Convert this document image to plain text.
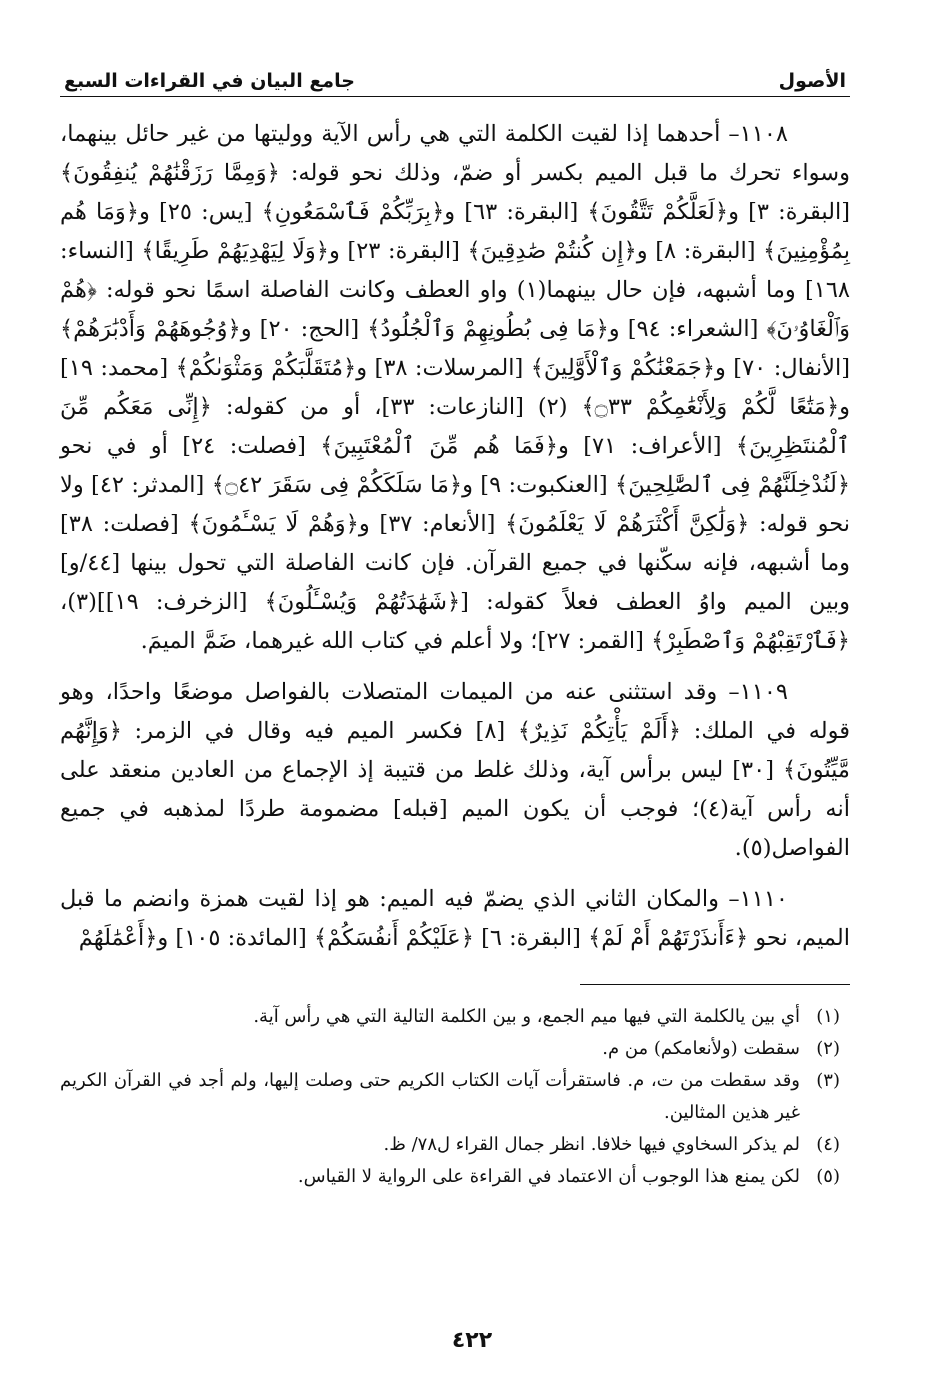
الأصول
جامع البيان في القراءات السبع

١١٠٨– أحدهما إذا لقيت الكلمة التي هي رأس الآية ووليتها من غير حائل بينهما، وسواء تحرك ما قبل الميم بكسر أو ضمّ، وذلك نحو قوله: ﴿وَمِمَّا رَزَقْنَٰهُمْ يُنفِقُونَ﴾ [البقرة: ٣] و﴿لَعَلَّكُمْ تَتَّقُونَ﴾ [البقرة: ٦٣] و﴿بِرَبِّكُمْ فَٱسْمَعُونِ﴾ [يس: ٢٥] و﴿وَمَا هُم بِمُؤْمِنِينَ﴾ [البقرة: ٨] و﴿إِن كُنتُمْ صَٰدِقِينَ﴾ [البقرة: ٢٣] و﴿وَلَا لِيَهْدِيَهُمْ طَرِيقًا﴾ [النساء: ١٦٨] وما أشبهه، فإن حال بينهما(١) واو العطف وكانت الفاصلة اسمًا نحو قوله: ﴿هُمْ وَٱلْغَاوُۥنَ﴾ [الشعراء: ٩٤] و﴿مَا فِى بُطُونِهِمْ وَٱلْجُلُودُ﴾ [الحج: ٢٠] و﴿وُجُوهَهُمْ وَأَدْبَٰرَهُمْ﴾ [الأنفال: ٧٠] و﴿جَمَعْنَٰكُمْ وَٱلْأَوَّلِينَ﴾ [المرسلات: ٣٨] و﴿مُتَقَلَّبَكُمْ وَمَثْوَىٰكُمْ﴾ [محمد: ١٩] و﴿مَتَٰعًا لَّكُمْ وَلِأَنْعَٰمِكُمْ ۝٣٣﴾ (٢) [النازعات: ٣٣]، أو من كقوله: ﴿إِنِّى مَعَكُم مِّنَ ٱلْمُنتَظِرِينَ﴾ [الأعراف: ٧١] و﴿فَمَا هُم مِّنَ ٱلْمُعْتَبِينَ﴾ [فصلت: ٢٤] أو في نحو ﴿لَنُدْخِلَنَّهُمْ فِى ٱلصَّٰلِحِينَ﴾ [العنكبوت: ٩] و﴿مَا سَلَكَكُمْ فِى سَقَرَ ۝٤٢﴾ [المدثر: ٤٢] ولا نحو قوله: ﴿وَلَٰكِنَّ أَكْثَرَهُمْ لَا يَعْلَمُونَ﴾ [الأنعام: ٣٧] و﴿وَهُمْ لَا يَسْـَٔمُونَ﴾ [فصلت: ٣٨] وما أشبهه، فإنه سكّنها في جميع القرآن. فإن كانت الفاصلة التي تحول بينها [٤٤/و] وبين الميم واوُ العطف فعلاً كقوله: [﴿شَهَٰدَتُهُمْ وَيُسْـَٔلُونَ﴾ [الزخرف: ١٩]](٣)، ﴿فَٱرْتَقِبْهُمْ وَٱصْطَبِرْ﴾ [القمر: ٢٧]؛ ولا أعلم في كتاب الله غيرهما، ضَمَّ الميمَ.

١١٠٩– وقد استثنى عنه من الميمات المتصلات بالفواصل موضعًا واحدًا، وهو قوله في الملك: ﴿أَلَمْ يَأْتِكُمْ نَذِيرٌ﴾ [٨] فكسر الميم فيه وقال في الزمر: ﴿وَإِنَّهُم مَّيِّتُونَ﴾ [٣٠] ليس برأس آية، وذلك غلط من قتيبة إذ الإجماع من العادين منعقد على أنه رأس آية(٤)؛ فوجب أن يكون الميم [قبله] مضمومة طردًا لمذهبه في جميع الفواصل(٥).

١١١٠– والمكان الثاني الذي يضمّ فيه الميم: هو إذا لقيت همزة وانضم ما قبل الميم، نحو ﴿ءَأَنذَرْتَهُمْ أَمْ لَمْ﴾ [البقرة: ٦] ﴿عَلَيْكُمْ أَنفُسَكُمْ﴾ [المائدة: ١٠٥] و﴿أَعْمَٰلَهُمْ

(١)
أي بين يالكلمة التي فيها ميم الجمع، و بين الكلمة التالية التي هي رأس آية.
(٢)
سقطت (ولأنعامكم) من م.
(٣)
وقد سقطت من ت، م. فاستقرأت آيات الكتاب الكريم حتى وصلت إليها، ولم أجد في القرآن الكريم غير هذين المثالين.
(٤)
لم يذكر السخاوي فيها خلافا. انظر جمال القراء ل٧٨/ ظ.
(٥)
لكن يمنع هذا الوجوب أن الاعتماد في القراءة على الرواية لا القياس.
٤٢٢
